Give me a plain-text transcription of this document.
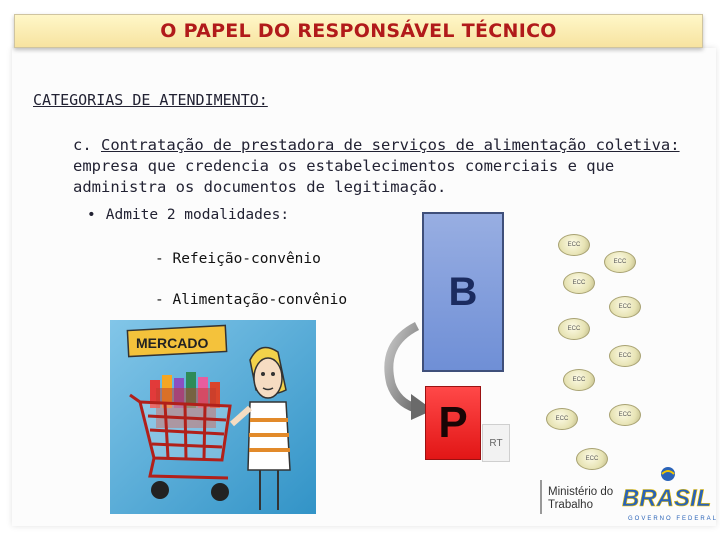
O PAPEL DO RESPONSÁVEL TÉCNICO
CATEGORIAS DE ATENDIMENTO:
c. Contratação de prestadora de serviços de alimentação coletiva: empresa que credencia os estabelecimentos comerciais e que administra os documentos de legitimação.
• Admite 2 modalidades:
- Refeição-convênio
- Alimentação-convênio
MERCADO
B
P RT
ECC
ECC
ECC
ECC
ECC
ECC
ECC
ECC
ECC
ECC
Ministério do
Trabalho	BRASIL
GOVERNO FEDERAL
